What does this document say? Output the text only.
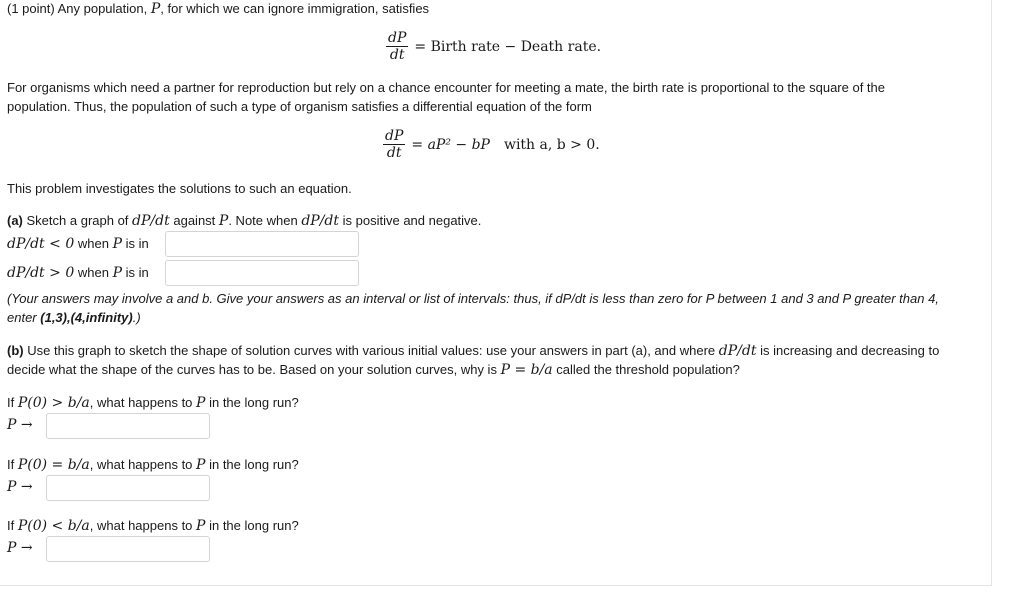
(1 point) Any population, P, for which we can ignore immigration, satisfies
$\frac{dP}{dt}$ = Birth rate − Death rate.
For organisms which need a partner for reproduction but rely on a chance encounter for meeting a mate, the birth rate is proportional to the square of the
population. Thus, the population of such a type of organism satisfies a differential equation of the form
$\frac{dP}{dt} = aP^2$ − bP with a, b > 0.
This problem investigates the solutions to such an equation.
(a) Sketch a graph of dP/dt against P. Note when dP/dt is positive and negative.
dP/dt < 0 when P is in
dP/dt > 0 when P is in
(Your answers may involve a and b. Give your answers as an interval or list of intervals: thus, if dP/dt is less than zero for P between 1 and 3 and P greater than 4,
enter (1,3),(4,infinity).)
(b) Use this graph to sketch the shape of solution curves with various initial values: use your answers in part (a), and where dP/dt is increasing and decreasing to
decide what the shape of the curves has to be. Based on your solution curves, why is P = b/a called the threshold population?
If P(0) > b/a, what happens to P in the long run?
P →
If P(0) = b/a, what happens to P in the long run?
P →
If P(0) < b/a, what happens to P in the long run?
P →
